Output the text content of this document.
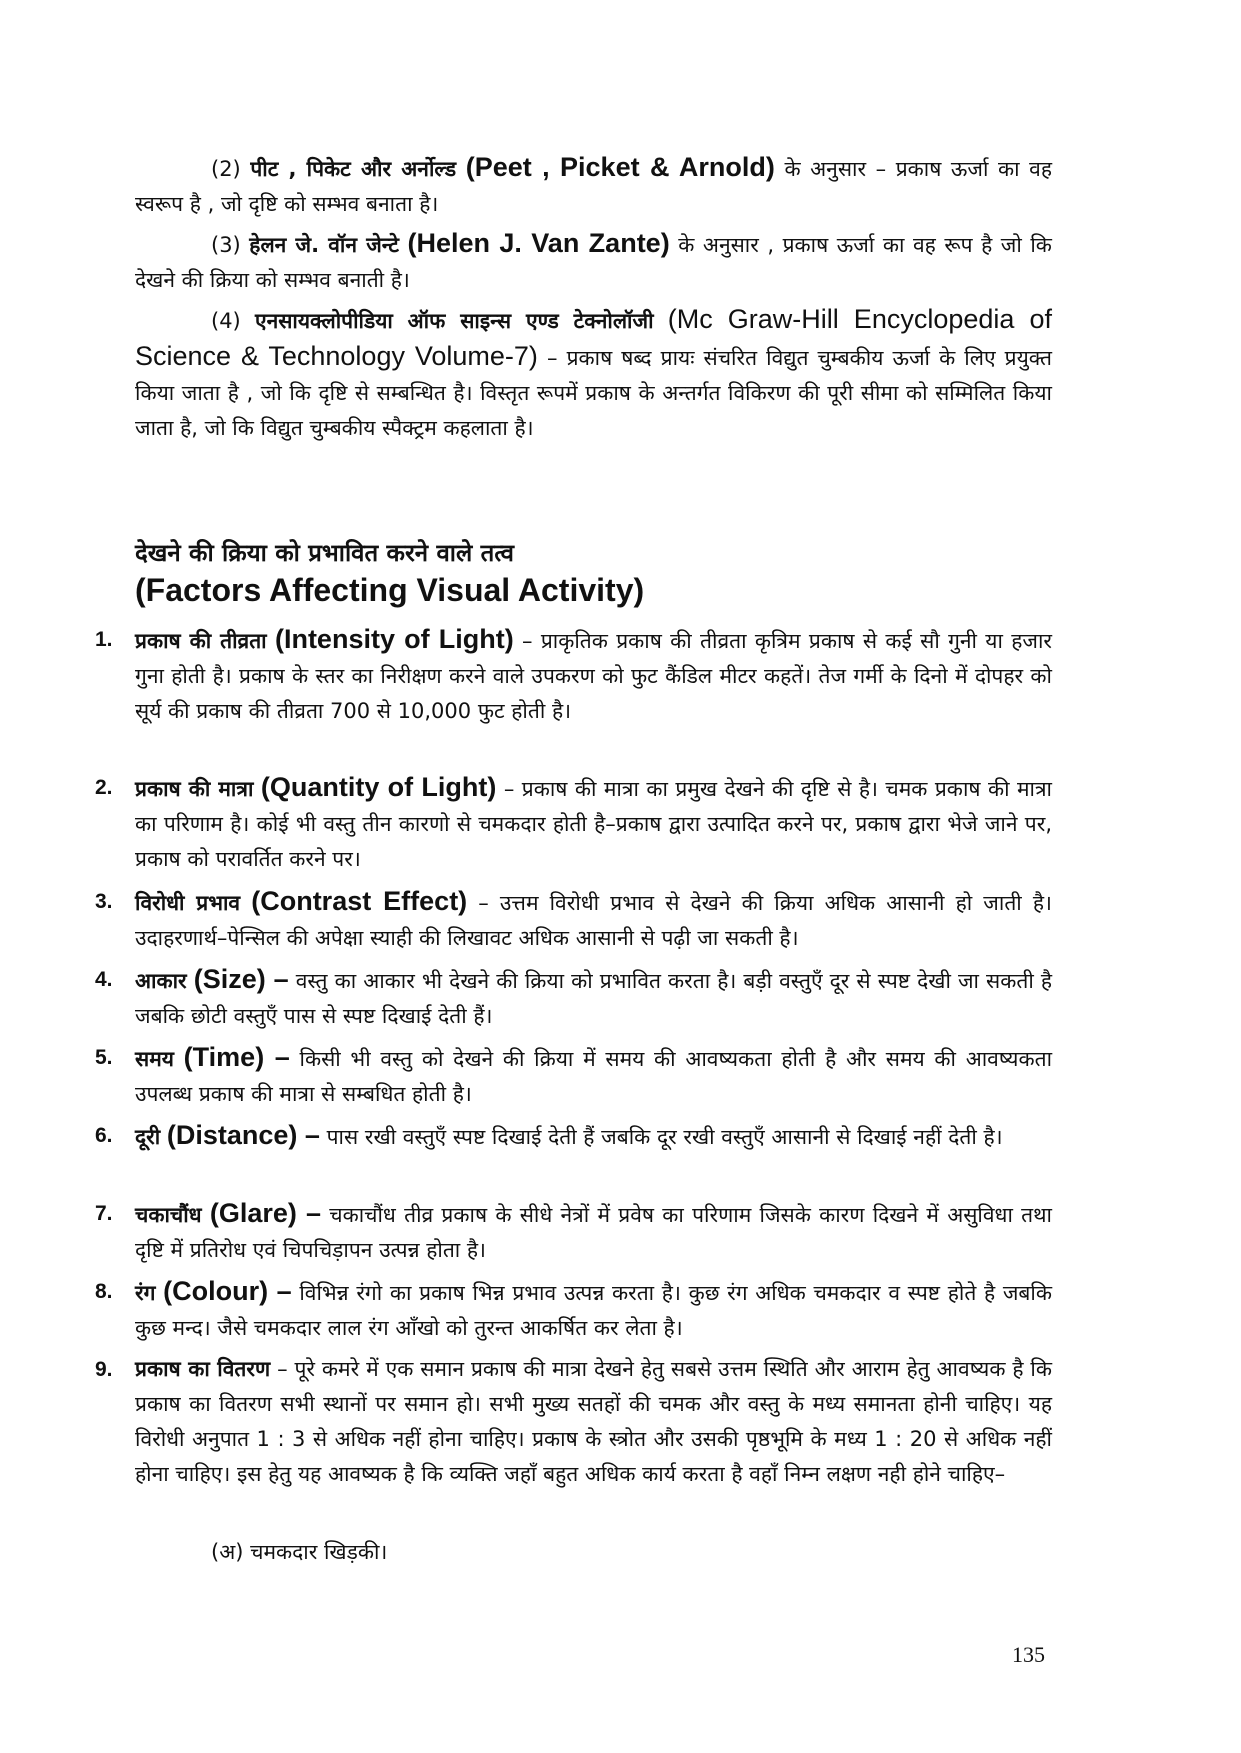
(2) पीट , पिकेट और अर्नोल्ड (Peet , Picket & Arnold) के अनुसार – प्रकाष ऊर्जा का वह स्वरूप है , जो दृष्टि को सम्भव बनाता है।

(3) हेलन जे. वॉन जेन्टे (Helen J. Van Zante) के अनुसार , प्रकाष ऊर्जा का वह रूप है जो कि देखने की क्रिया को सम्भव बनाती है।

(4) एनसायक्लोपीडिया ऑफ साइन्स एण्ड टेक्नोलॉजी (Mc Graw-Hill Encyclopedia of Science & Technology Volume-7) – प्रकाष षब्द प्रायः संचरित विद्युत चुम्बकीय ऊर्जा के लिए प्रयुक्त किया जाता है , जो कि दृष्टि से सम्बन्धित है। विस्तृत रूपमें प्रकाष के अन्तर्गत विकिरण की पूरी सीमा को सम्मिलित किया जाता है, जो कि विद्युत चुम्बकीय स्पैक्ट्रम कहलाता है।

देखने की क्रिया को प्रभावित करने वाले तत्व

(Factors Affecting Visual Activity)

1.	प्रकाष की तीव्रता (Intensity of Light) – प्राकृतिक प्रकाष की तीव्रता कृत्रिम प्रकाष से कई सौ गुनी या हजार गुना होती है। प्रकाष के स्तर का निरीक्षण करने वाले उपकरण को फुट कैंडिल मीटर कहतें। तेज गर्मी के दिनो में दोपहर को सूर्य की प्रकाष की तीव्रता 700 से 10,000 फुट होती है।
2.	प्रकाष की मात्रा (Quantity of Light) – प्रकाष की मात्रा का प्रमुख देखने की दृष्टि से है। चमक प्रकाष की मात्रा का परिणाम है। कोई भी वस्तु तीन कारणो से चमकदार होती है–प्रकाष द्वारा उत्पादित करने पर, प्रकाष द्वारा भेजे जाने पर, प्रकाष को परावर्तित करने पर।
3.	विरोधी प्रभाव (Contrast Effect) – उत्तम विरोधी प्रभाव से देखने की क्रिया अधिक आसानी हो जाती है। उदाहरणार्थ–पेन्सिल की अपेक्षा स्याही की लिखावट अधिक आसानी से पढ़ी जा सकती है।
4.	आकार (Size) – वस्तु का आकार भी देखने की क्रिया को प्रभावित करता है। बड़ी वस्तुएँ दूर से स्पष्ट देखी जा सकती है जबकि छोटी वस्तुएँ पास से स्पष्ट दिखाई देती हैं।
5.	समय (Time) – किसी भी वस्तु को देखने की क्रिया में समय की आवष्यकता होती है और समय की आवष्यकता उपलब्ध प्रकाष की मात्रा से सम्बधित होती है।
6.	दूरी (Distance) – पास रखी वस्तुएँ स्पष्ट दिखाई देती हैं जबकि दूर रखी वस्तुएँ आसानी से दिखाई नहीं देती है।
7.	चकाचौंध (Glare) – चकाचौंध तीव्र प्रकाष के सीधे नेत्रों में प्रवेष का परिणाम जिसके कारण दिखने में असुविधा तथा दृष्टि में प्रतिरोध एवं चिपचिड़ापन उत्पन्न होता है।
8.	रंग (Colour) – विभिन्न रंगो का प्रकाष भिन्न प्रभाव उत्पन्न करता है। कुछ रंग अधिक चमकदार व स्पष्ट होते है जबकि कुछ मन्द। जैसे चमकदार लाल रंग आँखो को तुरन्त आकर्षित कर लेता है।
9.	प्रकाष का वितरण – पूरे कमरे में एक समान प्रकाष की मात्रा देखने हेतु सबसे उत्तम स्थिति और आराम हेतु आवष्यक है कि प्रकाष का वितरण सभी स्थानों पर समान हो। सभी मुख्य सतहों की चमक और वस्तु के मध्य समानता होनी चाहिए। यह विरोधी अनुपात 1 : 3 से अधिक नहीं होना चाहिए। प्रकाष के स्त्रोत और उसकी पृष्ठभूमि के मध्य 1 : 20 से अधिक नहीं होना चाहिए। इस हेतु यह आवष्यक है कि व्यक्ति जहाँ बहुत अधिक कार्य करता है वहाँ निम्न लक्षण नही होने चाहिए–

(अ) चमकदार खिड़की।

135
